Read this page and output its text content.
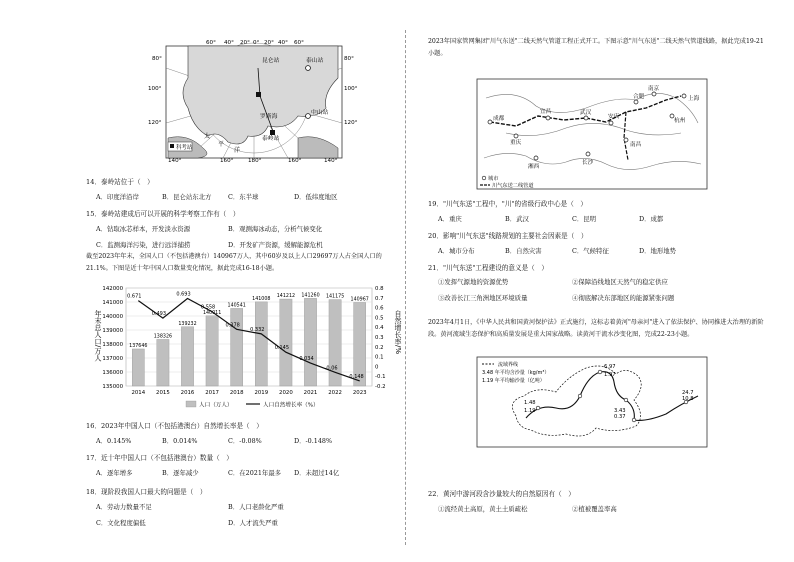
60° 40° 20° 0° 20° 40° 60°
80°
100°
120°
140°	160°	180°	160°	140°
120°
100°
80°
昆仑站	泰山站
中山站
泰岭站
罗斯海
太
平
洋
科考站
14．泰岭站位于（　）
A．印度洋沿岸	B．昆仑站东北方	C．东半球	D．低纬度地区
15．泰岭站建成后可以开展的科学考察工作有（　）
A．钻取冰芯样本，开发淡水资源	B．观测海冰动态，分析气候变化
C．监测海洋污染，进行远洋捕捞	D．开发矿产资源，缓解能源危机
截至2023年年末，全国人口（不包括港澳台）140967万人，其中60岁及以上人口29697万人占全国人口的21.1%。下图是近十年中国人口数量变化情况，据此完成16-18小题。
142000
141000
140000
139000
138000
137000
136000
135000
0.8
0.7
0.6
0.5
0.4
0.3
0.2
0.1
0
-0.1
-0.2
137646
2014
138326
2015
139232
2016
140011
2017
140541
2018
141008
2019
141212
2020
141260
2021
141175
2022
140967
2023
0.671
0.493
0.693
0.558
0.378
0.332
0.145
0.034
-0.06
-0.148
年末总人口/万人	自然增长率/%
人口（万人）	人口自然增长率（%）
16．2023年中国人口（不包括港澳台）自然增长率是（　）
A．0.145%	B．0.014%	C．-0.08%	D．-0.148%
17．近十年中国人口（不包括港澳台）数量（　）
A．逐年增多	B．逐年减少	C．在2021年最多 D．未超过14亿
18．现阶段我国人口最大的问题是（　）
A．劳动力数量不足	B．人口老龄化严重
C．文化程度偏低	D．人才流失严重
2023年国家管网集团"川气东送"二线天然气管道工程正式开工。下图示意"川气东送"二线天然气管道线路，据此完成19-21小题。
成都
重庆
宜昌	武汉
安庆
合肥
南京
上海
杭州
南昌
长沙
湘西
城市
川气东送二线管道
19．"川气东送"工程中，"川"的省级行政中心是（　）
A．重庆	B．武汉	C．昆明	D．成都
20．影响"川气东送"线路规划的主要社会因素是（　）
A．城市分布	B．自然灾害	C．气候特征	D．地形地势
21．"川气东送"工程建设的意义是（　）
①发挥气源地的资源优势	②保障沿线地区天然气的稳定供应
③改善长江三角洲地区环境质量	④彻底解决东部地区的能源紧张问题
2023年4月1日，《中华人民共和国黄河保护法》正式施行，这标志着黄河"母亲河"进入了依法保护、协同推进大治理的新阶段。黄河流域生态保护和高质量发展是重大国家战略。读黄河干流水沙变化图，完成22-23小题。
流域界线
3.48 年平均含沙量（kg/m³）
1.19 年平均输沙量（亿吨）
6.97
1.97
24.7
10.8
1.48
1.19	3.43
0.37
22．黄河中游河段含沙量较大的自然原因有（　）
①流经黄土高原，黄土土质疏松	②植被覆盖率高
